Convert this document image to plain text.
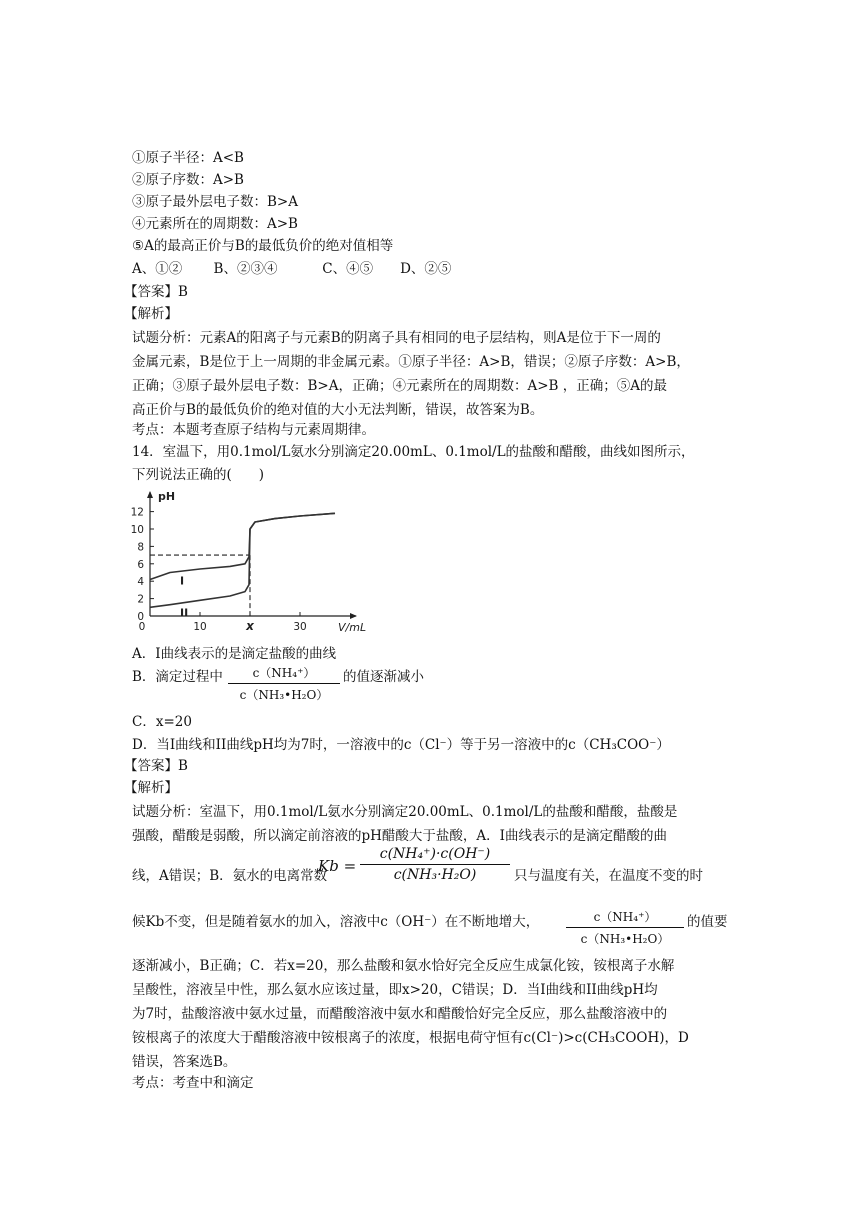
①原子半径：A<B
②原子序数：A>B
③原子最外层电子数：B>A
④元素所在的周期数：A>B
⑤A的最高正价与B的最低负价的绝对值相等
A、①②　　 B、②③④　　　 C、④⑤　　D、②⑤
【答案】B
【解析】
试题分析：元素A的阳离子与元素B的阴离子具有相同的电子层结构，则A是位于下一周的
金属元素，B是位于上一周期的非金属元素。①原子半径：A>B，错误；②原子序数：A>B，
正确；③原子最外层电子数：B>A，正确；④元素所在的周期数：A>B ，正确；⑤A的最
高正价与B的最低负价的绝对值的大小无法判断，错误，故答案为B。
考点：本题考查原子结构与元素周期律。
14．室温下，用0.1mol/L氨水分别滴定20.00mL、0.1mol/L的盐酸和醋酸，曲线如图所示，
下列说法正确的(　　)
0
2
4
6
8
10
12
0	10	x	30
pH
V/mL
I
II
A．I曲线表示的是滴定盐酸的曲线
B．滴定过程中	c（NH₄⁺）
c（NH₃•H₂O）
的值逐渐减小
C．x=20
D．当I曲线和II曲线pH均为7时，一溶液中的c（Cl⁻）等于另一溶液中的c（CH₃COO⁻）
【答案】B
【解析】
试题分析：室温下，用0.1mol/L氨水分别滴定20.00mL、0.1mol/L的盐酸和醋酸，盐酸是
强酸，醋酸是弱酸，所以滴定前溶液的pH醋酸大于盐酸，A．I曲线表示的是滴定醋酸的曲
线，A错误；B．氨水的电离常数
Kb =
c(NH₄⁺)·c(OH⁻)
c(NH₃·H₂O)	只与温度有关，在温度不变的时
候Kb不变，但是随着氨水的加入，溶液中c（OH⁻）在不断地增大，	c（NH₄⁺）
c（NH₃•H₂O）
的值要
逐渐减小，B正确；C．若x=20，那么盐酸和氨水恰好完全反应生成氯化铵，铵根离子水解
呈酸性，溶液呈中性，那么氨水应该过量，即x>20，C错误；D．当I曲线和II曲线pH均
为7时，盐酸溶液中氨水过量，而醋酸溶液中氨水和醋酸恰好完全反应，那么盐酸溶液中的
铵根离子的浓度大于醋酸溶液中铵根离子的浓度，根据电荷守恒有c(Cl⁻)>c(CH₃COOH)，D
错误，答案选B。
考点：考查中和滴定
